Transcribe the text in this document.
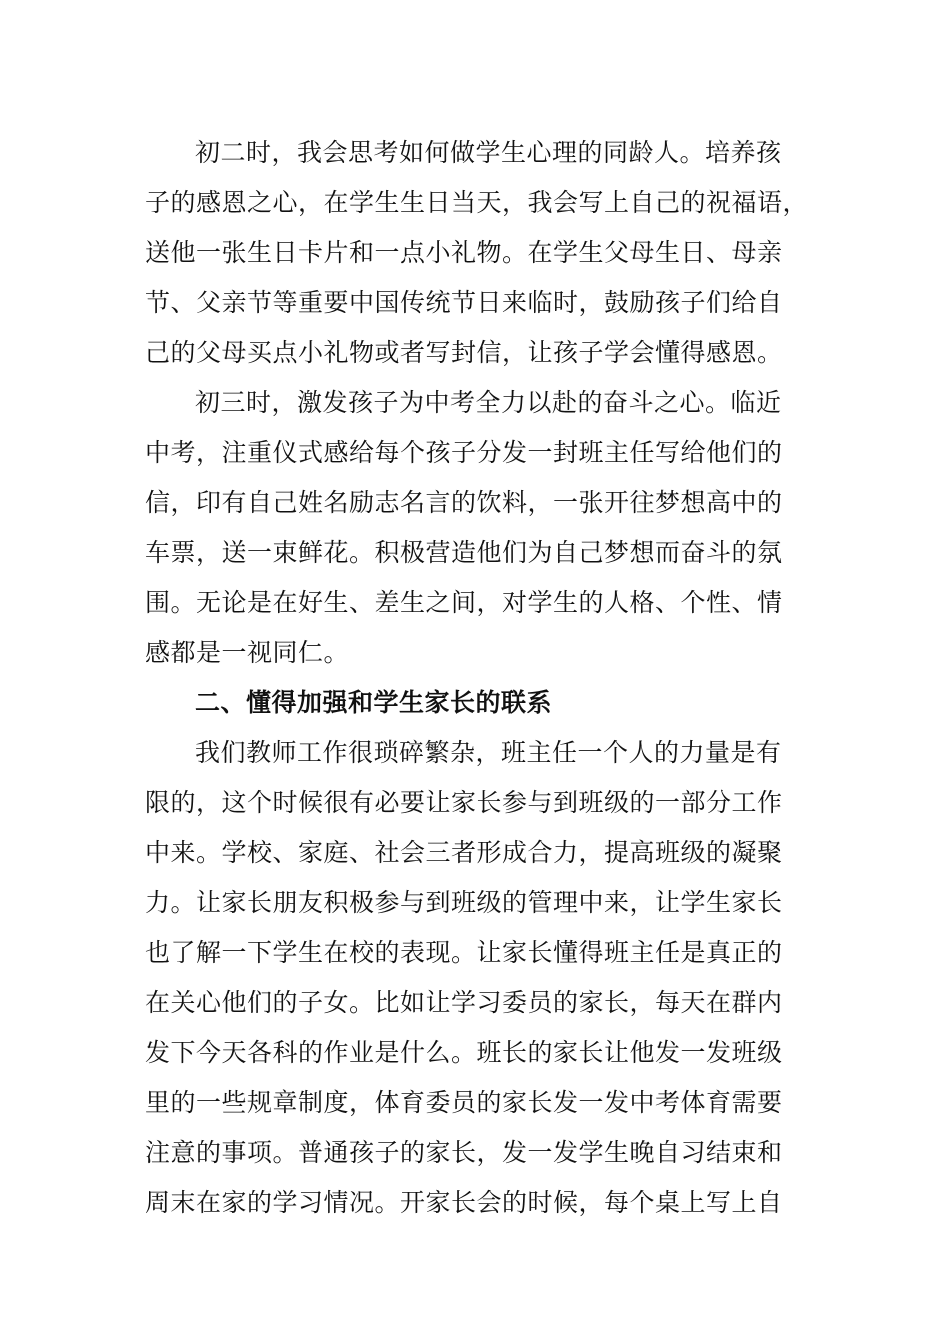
初二时，我会思考如何做学生心理的同龄人。培养孩
子的感恩之心，在学生生日当天，我会写上自己的祝福语，
送他一张生日卡片和一点小礼物。在学生父母生日、母亲
节、父亲节等重要中国传统节日来临时，鼓励孩子们给自
己的父母买点小礼物或者写封信，让孩子学会懂得感恩。
初三时，激发孩子为中考全力以赴的奋斗之心。临近
中考，注重仪式感给每个孩子分发一封班主任写给他们的
信，印有自己姓名励志名言的饮料，一张开往梦想高中的
车票，送一束鲜花。积极营造他们为自己梦想而奋斗的氛
围。无论是在好生、差生之间，对学生的人格、个性、情
感都是一视同仁。
二、懂得加强和学生家长的联系
我们教师工作很琐碎繁杂，班主任一个人的力量是有
限的，这个时候很有必要让家长参与到班级的一部分工作
中来。学校、家庭、社会三者形成合力，提高班级的凝聚
力。让家长朋友积极参与到班级的管理中来，让学生家长
也了解一下学生在校的表现。让家长懂得班主任是真正的
在关心他们的子女。比如让学习委员的家长，每天在群内
发下今天各科的作业是什么。班长的家长让他发一发班级
里的一些规章制度，体育委员的家长发一发中考体育需要
注意的事项。普通孩子的家长，发一发学生晚自习结束和
周末在家的学习情况。开家长会的时候，每个桌上写上自
